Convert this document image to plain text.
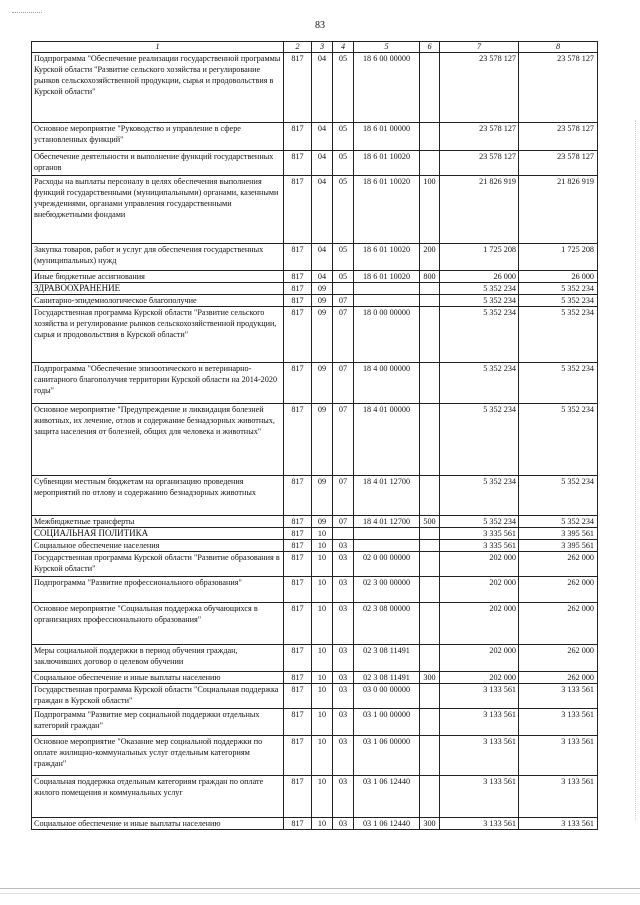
83
1	2	3	4	5	6	7	8
Подпрограмма "Обеспечение реализации государственной программы Курской области "Развитие сельского хозяйства и регулирование рынков сельскохозяйственной продукции, сырья и продовольствия в Курской области"	817	04	05	18 6 00 00000		23 578 127	23 578 127
Основное мероприятие "Руководство и управление в сфере установленных функций"	817	04	05	18 6 01 00000		23 578 127	23 578 127
Обеспечение деятельности и выполнение функций государственных органов	817	04	05	18 6 01 10020		23 578 127	23 578 127
Расходы на выплаты персоналу в целях обеспечения выполнения функций государственными (муниципальными) органами, казенными учреждениями, органами управления государственными внебюджетными фондами	817	04	05	18 6 01 10020	100	21 826 919	21 826 919
Закупка товаров, работ и услуг для обеспечения государственных (муниципальных) нужд	817	04	05	18 6 01 10020	200	1 725 208	1 725 208
Иные бюджетные ассигнования	817	04	05	18 6 01 10020	800	26 000	26 000
ЗДРАВООХРАНЕНИЕ	817	09				5 352 234	5 352 234
Санитарно-эпидемиологическое благополучие	817	09	07			5 352 234	5 352 234
Государственная программа Курской области "Развитие сельского хозяйства и регулирование рынков сельскохозяйственной продукции, сырья и продовольствия в Курской области"	817	09	07	18 0 00 00000		5 352 234	5 352 234
Подпрограмма "Обеспечение эпизоотического и ветеринарно-санитарного благополучия территории Курской области на 2014-2020 годы"	817	09	07	18 4 00 00000		5 352 234	5 352 234
Основное мероприятие "Предупреждение и ликвидация болезней животных, их лечение, отлов и содержание безнадзорных животных, защита населения от болезней, общих для человека и животных"	817	09	07	18 4 01 00000		5 352 234	5 352 234
Субвенции местным бюджетам на организацию проведения мероприятий по отлову и содержанию безнадзорных животных	817	09	07	18 4 01 12700		5 352 234	5 352 234
Межбюджетные трансферты	817	09	07	18 4 01 12700	500	5 352 234	5 352 234
СОЦИАЛЬНАЯ ПОЛИТИКА	817	10				3 335 561	3 395 561
Социальное обеспечение населения	817	10	03			3 335 561	3 395 561
Государственная программа Курской области "Развитие образования в Курской области"	817	10	03	02 0 00 00000		202 000	262 000
Подпрограмма "Развитие профессионального образования"	817	10	03	02 3 00 00000		202 000	262 000
Основное мероприятие "Социальная поддержка обучающихся в организациях профессионального образования"	817	10	03	02 3 08 00000		202 000	262 000
Меры социальной поддержки в период обучения граждан, заключивших договор о целевом обучении	817	10	03	02 3 08 11491		202 000	262 000
Социальное обеспечение и иные выплаты населению	817	10	03	02 3 08 11491	300	202 000	262 000
Государственная программа Курской области "Социальная поддержка граждан в Курской области"	817	10	03	03 0 00 00000		3 133 561	3 133 561
Подпрограмма "Развитие мер социальной поддержки отдельных категорий граждан"	817	10	03	03 1 00 00000		3 133 561	3 133 561
Основное мероприятие "Оказание мер социальной поддержки по оплате жилищно-коммунальных услуг отдельным категориям граждан"	817	10	03	03 1 06 00000		3 133 561	3 133 561
Социальная поддержка отдельным категориям граждан по оплате жилого помещения и коммунальных услуг	817	10	03	03 1 06 12440		3 133 561	3 133 561
Социальное обеспечение и иные выплаты населению	817	10	03	03 1 06 12440	300	3 133 561	3 133 561
